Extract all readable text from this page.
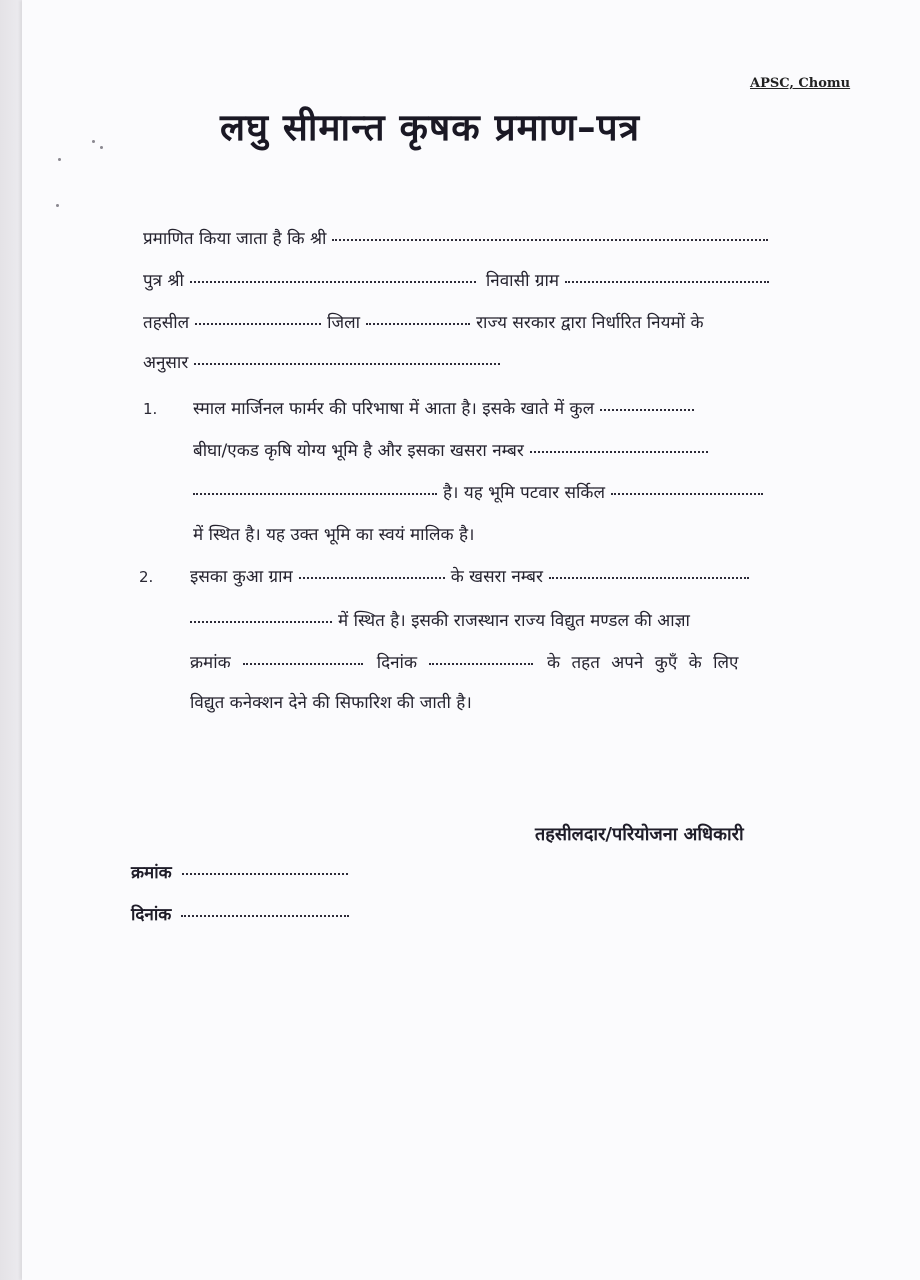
APSC, Chomu
लघु सीमान्त कृषक प्रमाण–पत्र
प्रमाणित किया जाता है कि श्री
पुत्र श्री	निवासी ग्राम
तहसील	जिला	राज्य सरकार द्वारा निर्धारित नियमों के
अनुसार
1. स्माल मार्जिनल फार्मर की परिभाषा में आता है। इसके खाते में कुल
बीघा/एकड कृषि योग्य भूमि है और इसका खसरा नम्बर
है। यह भूमि पटवार सर्किल
में स्थित है। यह उक्त भूमि का स्वयं मालिक है।
2. इसका कुआ ग्राम	के खसरा नम्बर
में स्थित है। इसकी राजस्थान राज्य विद्युत मण्डल की आज्ञा
क्रमांक	दिनांक	के तहत अपने कुएँ के लिए
विद्युत कनेक्शन देने की सिफारिश की जाती है।
तहसीलदार/परियोजना अधिकारी
क्रमांक
दिनांक
